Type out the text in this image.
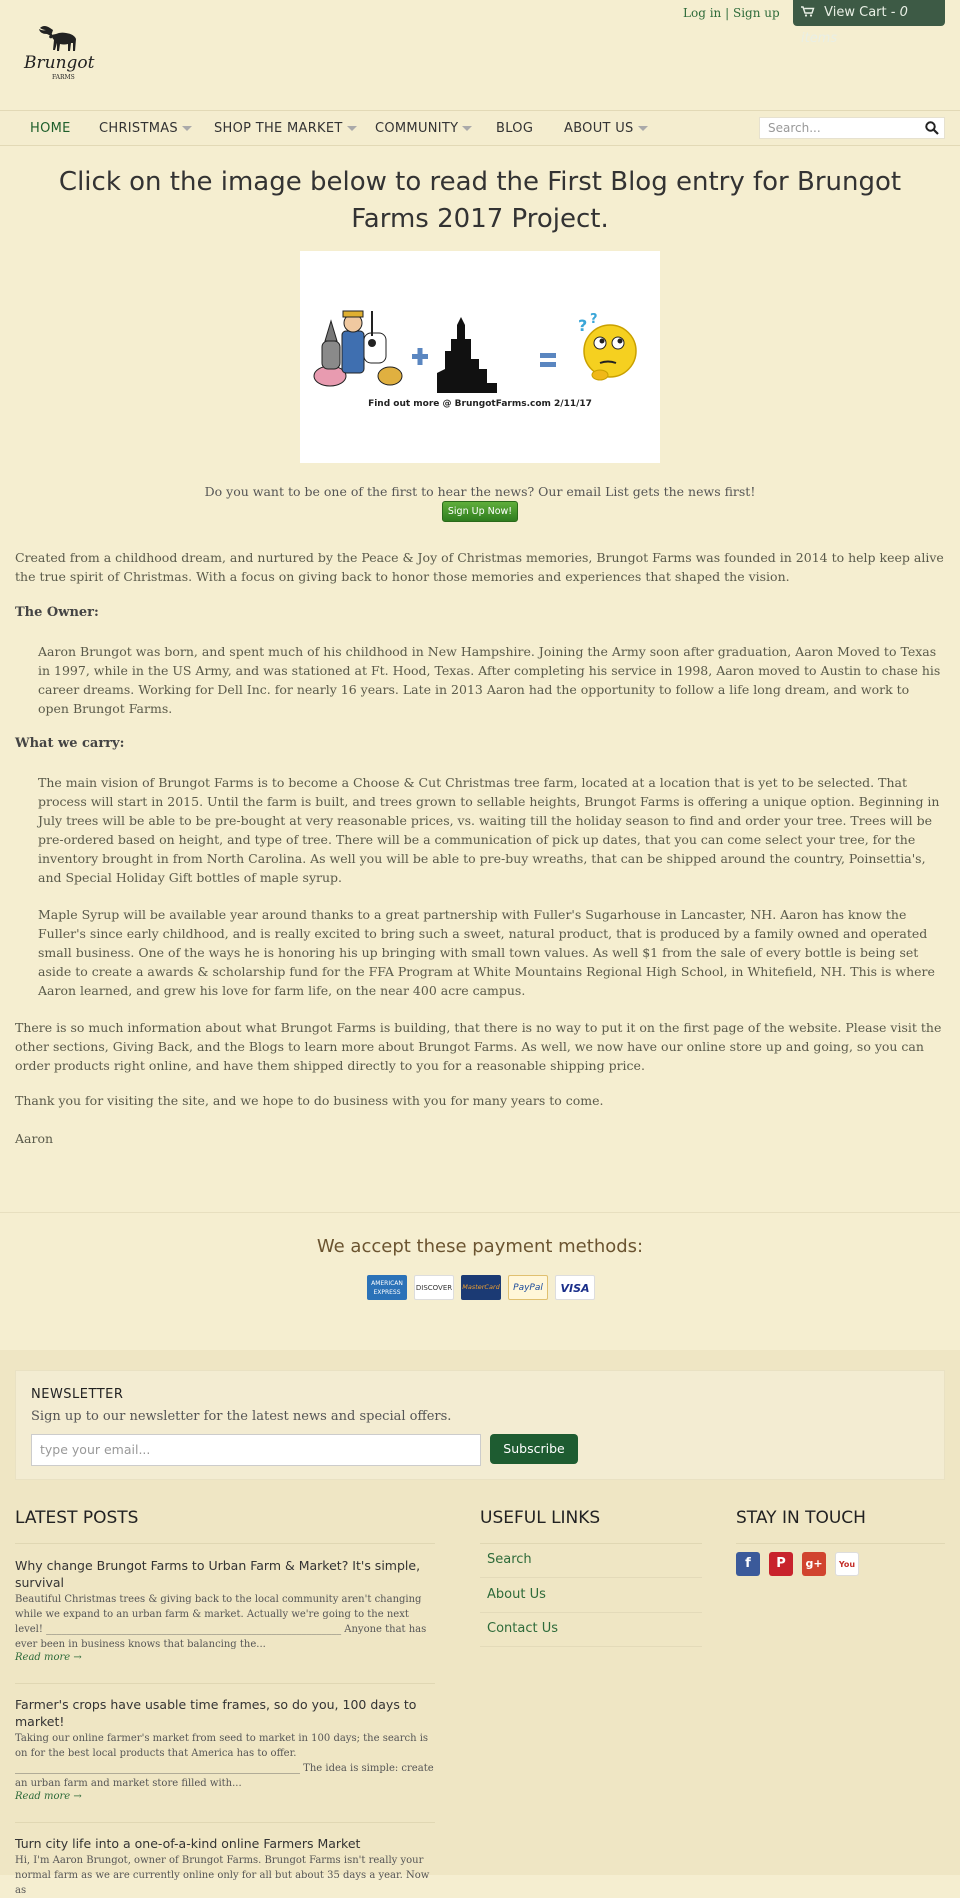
Log in | Sign up	View Cart - 0 items
Brungot
FARMS
HOME CHRISTMAS	SHOP THE MARKET	COMMUNITY	BLOG ABOUT US	Search...
Click on the image below to read the First Blog entry for Brungot Farms 2017 Project.
? ?
Find out more @ BrungotFarms.com 2/11/17
Do you want to be one of the first to hear the news? Our email List gets the news first!
Sign Up Now!
Created from a childhood dream, and nurtured by the Peace & Joy of Christmas memories, Brungot Farms was founded in 2014 to help keep alive the true spirit of Christmas. With a focus on giving back to honor those memories and experiences that shaped the vision.
The Owner:
Aaron Brungot was born, and spent much of his childhood in New Hampshire. Joining the Army soon after graduation, Aaron Moved to Texas in 1997, while in the US Army, and was stationed at Ft. Hood, Texas. After completing his service in 1998, Aaron moved to Austin to chase his career dreams. Working for Dell Inc. for nearly 16 years. Late in 2013 Aaron had the opportunity to follow a life long dream, and work to open Brungot Farms.
What we carry:
The main vision of Brungot Farms is to become a Choose & Cut Christmas tree farm, located at a location that is yet to be selected. That process will start in 2015. Until the farm is built, and trees grown to sellable heights, Brungot Farms is offering a unique option. Beginning in July trees will be able to be pre-bought at very reasonable prices, vs. waiting till the holiday season to find and order your tree. Trees will be pre-ordered based on height, and type of tree. There will be a communication of pick up dates, that you can come select your tree, for the inventory brought in from North Carolina. As well you will be able to pre-buy wreaths, that can be shipped around the country, Poinsettia's, and Special Holiday Gift bottles of maple syrup.
Maple Syrup will be available year around thanks to a great partnership with Fuller's Sugarhouse in Lancaster, NH. Aaron has know the Fuller's since early childhood, and is really excited to bring such a sweet, natural product, that is produced by a family owned and operated small business. One of the ways he is honoring his up bringing with small town values. As well $1 from the sale of every bottle is being set aside to create a awards & scholarship fund for the FFA Program at White Mountains Regional High School, in Whitefield, NH. This is where Aaron learned, and grew his love for farm life, on the near 400 acre campus.
There is so much information about what Brungot Farms is building, that there is no way to put it on the first page of the website. Please visit the other sections, Giving Back, and the Blogs to learn more about Brungot Farms. As well, we now have our online store up and going, so you can order products right online, and have them shipped directly to you for a reasonable shipping price.
Thank you for visiting the site, and we hope to do business with you for many years to come.
Aaron
We accept these payment methods:
AMERICAN EXPRESS
DISCOVER MasterCard	PayPal	VISA
NEWSLETTER
Sign up to our newsletter for the latest news and special offers.
type your email...	Subscribe
LATEST POSTS	USEFUL LINKS	STAY IN TOUCH
Why change Brungot Farms to Urban Farm & Market? It's simple, survival
Beautiful Christmas trees & giving back to the local community aren't changing while we expand to an urban farm & market. Actually we're going to the next level! ___________________________________________________________ Anyone that has ever been in business knows that balancing the...
Read more →
Farmer's crops have usable time frames, so do you, 100 days to market!
Taking our online farmer's market from seed to market in 100 days; the search is on for the best local products that America has to offer. _________________________________________________________ The idea is simple: create an urban farm and market store filled with...
Read more →
Turn city life into a one-of-a-kind online Farmers Market
Hi, I'm Aaron Brungot, owner of Brungot Farms. Brungot Farms isn't really your normal farm as we are currently online only for all but about 35 days a year. Now as
Search
About Us
Contact Us
f	P	g+	You
